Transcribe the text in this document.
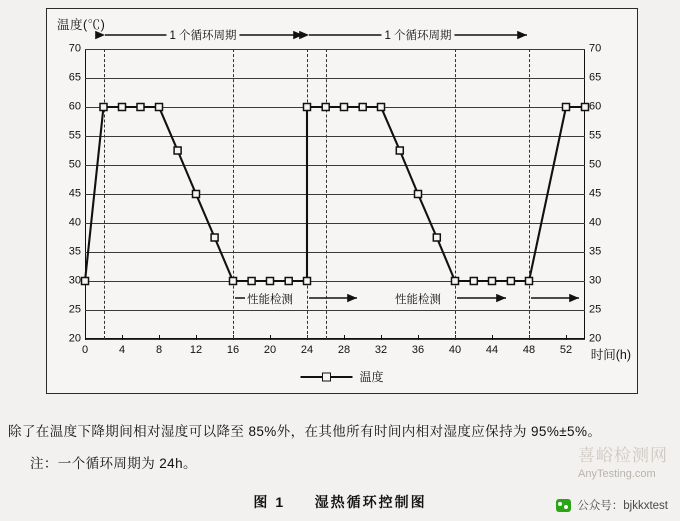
温度(℃)
时间(h)
70
65
60
55
50
45
40
35
30
25
20
70
65
60
55
50
45
40
35
30
25
20
0	4	8	12 16 20 24 28 32 36 40 44 48 52
1 个循环周期	1 个循环周期
性能检测	性能检测
温度
除了在温度下降期间相对湿度可以降至 85%外，在其他所有时间内相对湿度应保持为 95%±5%。
注：一个循环周期为 24h。
图 1 湿热循环控制图
喜峪检测网
AnyTesting.com
公众号：bjkkxtest
